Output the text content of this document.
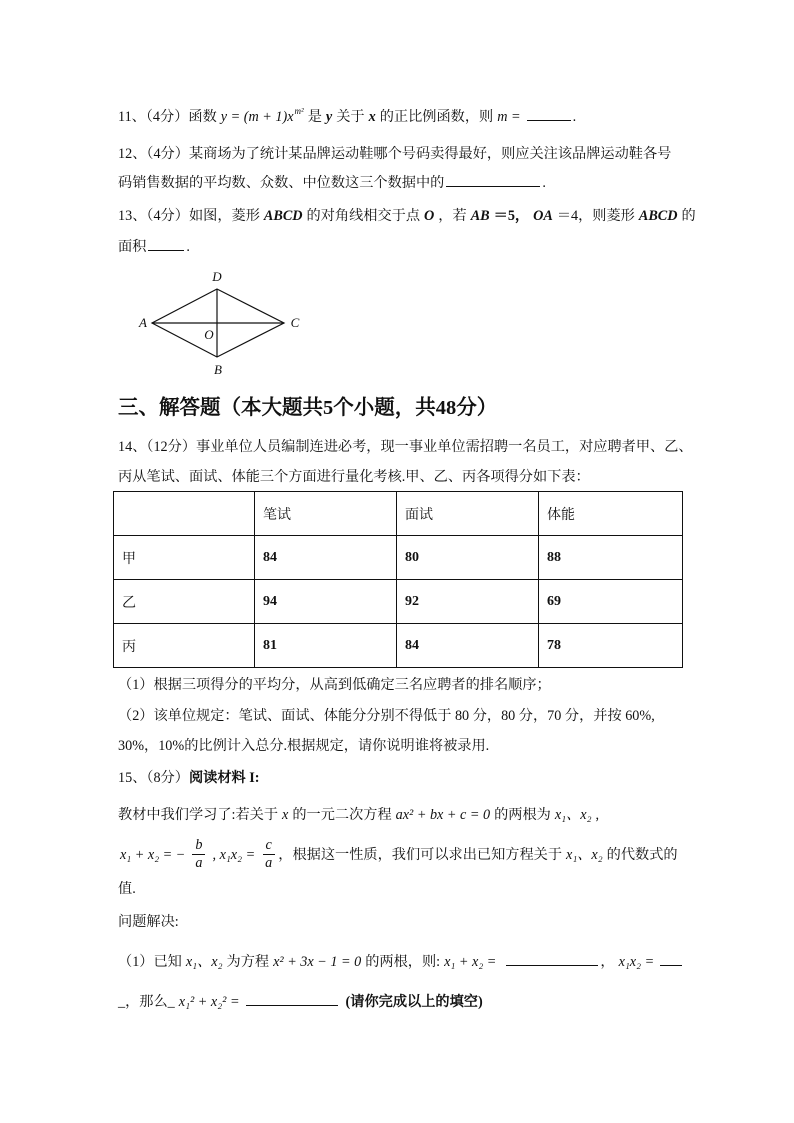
11、（4分） 函数 $y = (m + 1)x^{m^2}$ 是 y 关于 x 的正比例函数，则 m =	.
12、（4分） 某商场为了统计某品牌运动鞋哪个号码卖得最好，则应关注该品牌运动鞋各号
码销售数据的平均数、众数、中位数这三个数据中的	.
13、（4分） 如图，菱形 ABCD 的对角线相交于点 O ，若 AB ＝5， OA ＝4，则菱形 ABCD 的
面积	.
D
A	C
O
B
三、解答题（本大题共5个小题，共48分）
14、（12分） 事业单位人员编制连进必考，现一事业单位需招聘一名员工，对应聘者甲、乙、
丙从笔试、面试、体能三个方面进行量化考核.甲、乙、丙各项得分如下表：
	笔试	面试	体能
甲	84	80	88
乙	94	92	69
丙	81	84	78
（1）根据三项得分的平均分，从高到低确定三名应聘者的排名顺序；
（2）该单位规定：笔试、面试、体能分分别不得低于 80 分，80 分，70 分，并按 60%,
30%，10%的比例计入总分.根据规定，请你说明谁将被录用.
15、（8分） 阅读材料 I:
教材中我们学习了:若关于 x 的一元二次方程 ax² + bx + c = 0 的两根为 x₁、x₂ ,
x₁ + x₂ = − $\frac{b}{a}$ , $x_1x_2 = \frac{c}{a}$ ，根据这一性质，我们可以求出已知方程关于 x₁、x₂ 的代数式的
值.
问题解决:
（1）已知 x₁、x₂ 为方程 x² + 3x − 1 = 0 的两根，则: x₁ + x₂ =	， x₁x₂ =
_，那么_ x₁² + x₂² =	(请你完成以上的填空)
